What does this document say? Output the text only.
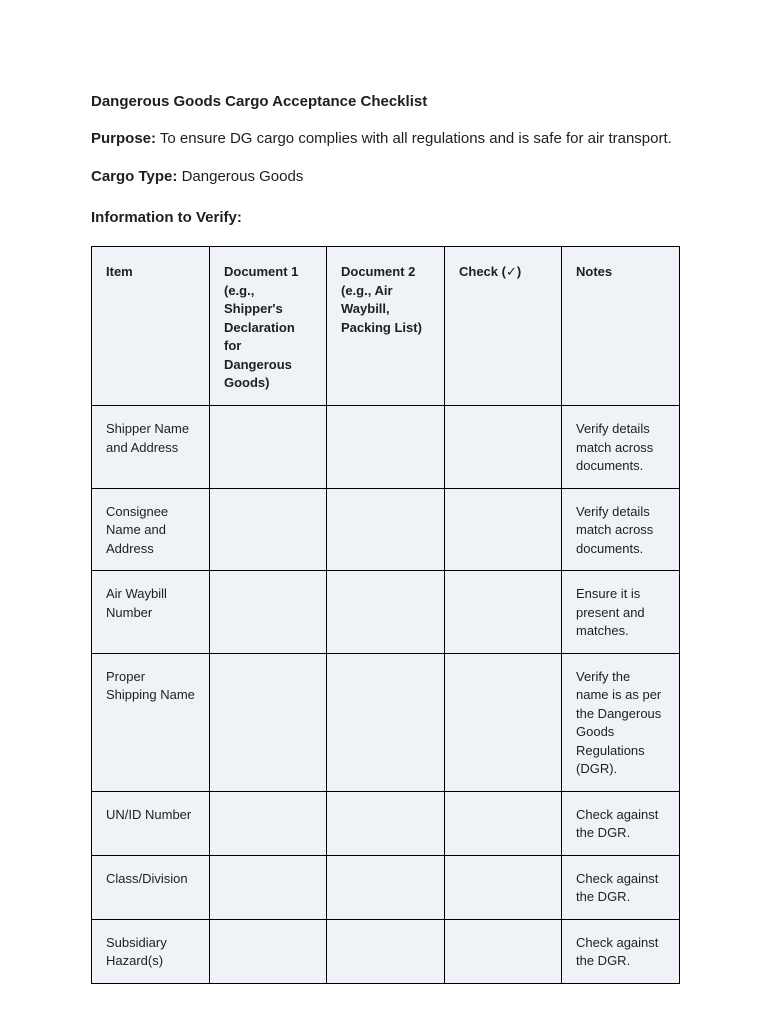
Dangerous Goods Cargo Acceptance Checklist

Purpose: To ensure DG cargo complies with all regulations and is safe for air transport.

Cargo Type: Dangerous Goods

Information to Verify:
Item	Document 1 (e.g., Shipper's Declaration for Dangerous Goods)	Document 2 (e.g., Air Waybill, Packing List)	Check (✓)	Notes
Shipper Name and Address				Verify details match across documents.
Consignee Name and Address				Verify details match across documents.
Air Waybill Number				Ensure it is present and matches.
Proper Shipping Name				Verify the name is as per the Dangerous Goods Regulations (DGR).
UN/ID Number				Check against the DGR.
Class/Division				Check against the DGR.
Subsidiary Hazard(s)				Check against the DGR.
